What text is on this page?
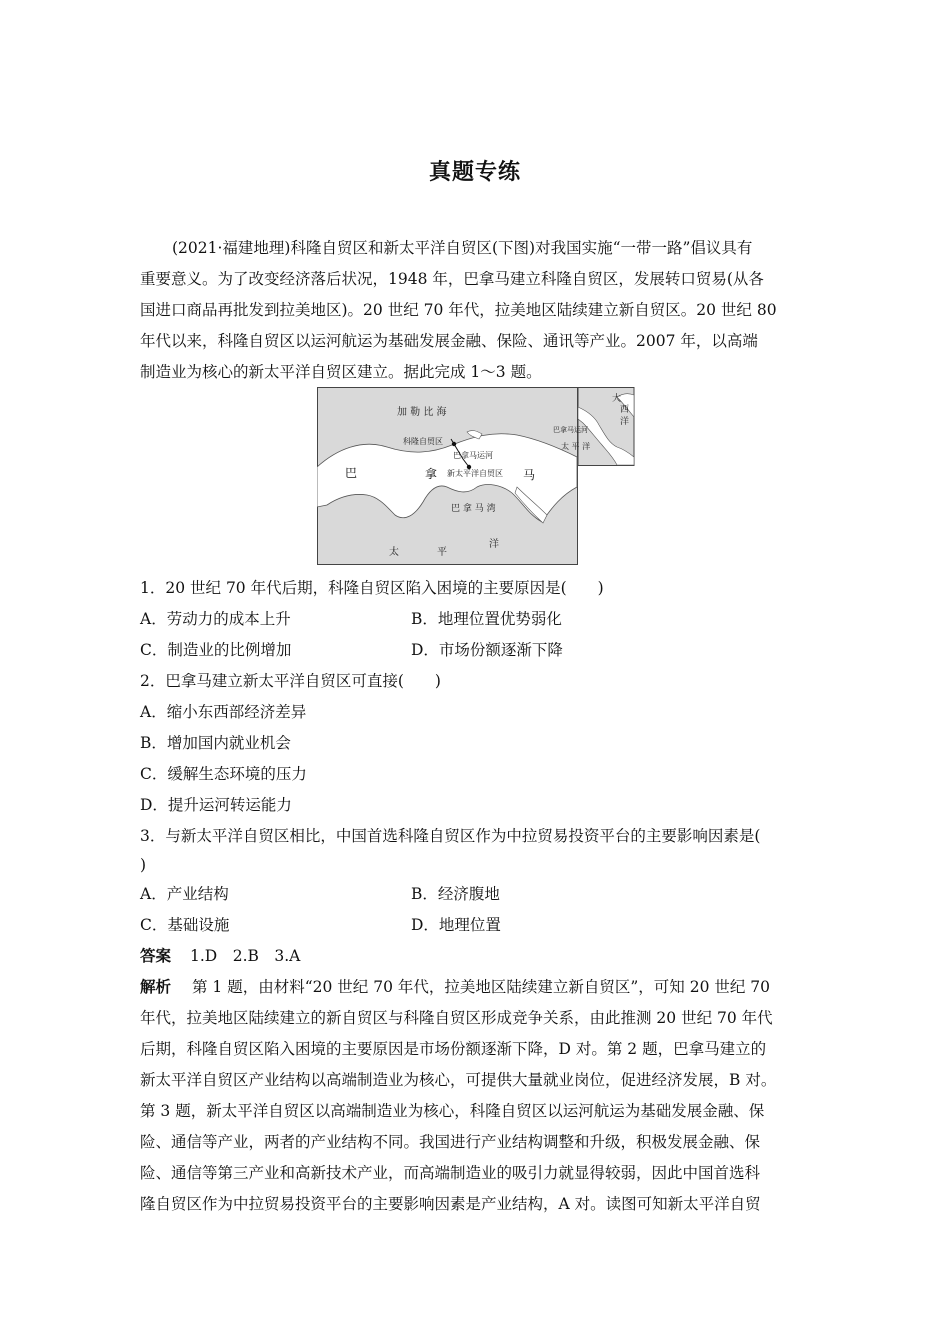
真题专练
(2021·福建地理)科隆自贸区和新太平洋自贸区(下图)对我国实施“一带一路”倡议具有
重要意义。为了改变经济落后状况，1948 年，巴拿马建立科隆自贸区，发展转口贸易(从各
国进口商品再批发到拉美地区)。20 世纪 70 年代，拉美地区陆续建立新自贸区。20 世纪 80
年代以来，科隆自贸区以运河航运为基础发展金融、保险、通讯等产业。2007 年，以高端
制造业为核心的新太平洋自贸区建立。据此完成 1～3 题。
加 勒 比 海
科隆自贸区
巴拿马运河
新太平洋自贸区
巴	拿	马
巴 拿 马 湾
太	平
洋
大
西
洋
巴拿马运河
太 平 洋
1．20 世纪 70 年代后期，科隆自贸区陷入困境的主要原因是(　　)
A．劳动力的成本上升	B．地理位置优势弱化
C．制造业的比例增加	D．市场份额逐渐下降
2．巴拿马建立新太平洋自贸区可直接(　　)
A．缩小东西部经济差异
B．增加国内就业机会
C．缓解生态环境的压力
D．提升运河转运能力
3．与新太平洋自贸区相比，中国首选科隆自贸区作为中拉贸易投资平台的主要影响因素是(
)
A．产业结构	B．经济腹地
C．基础设施	D．地理位置
答案 1.D　2.B　3.A
解析 第 1 题，由材料“20 世纪 70 年代，拉美地区陆续建立新自贸区”，可知 20 世纪 70
年代，拉美地区陆续建立的新自贸区与科隆自贸区形成竞争关系，由此推测 20 世纪 70 年代
后期，科隆自贸区陷入困境的主要原因是市场份额逐渐下降，D 对。第 2 题，巴拿马建立的
新太平洋自贸区产业结构以高端制造业为核心，可提供大量就业岗位，促进经济发展，B 对。
第 3 题，新太平洋自贸区以高端制造业为核心，科隆自贸区以运河航运为基础发展金融、保
险、通信等产业，两者的产业结构不同。我国进行产业结构调整和升级，积极发展金融、保
险、通信等第三产业和高新技术产业，而高端制造业的吸引力就显得较弱，因此中国首选科
隆自贸区作为中拉贸易投资平台的主要影响因素是产业结构，A 对。读图可知新太平洋自贸
